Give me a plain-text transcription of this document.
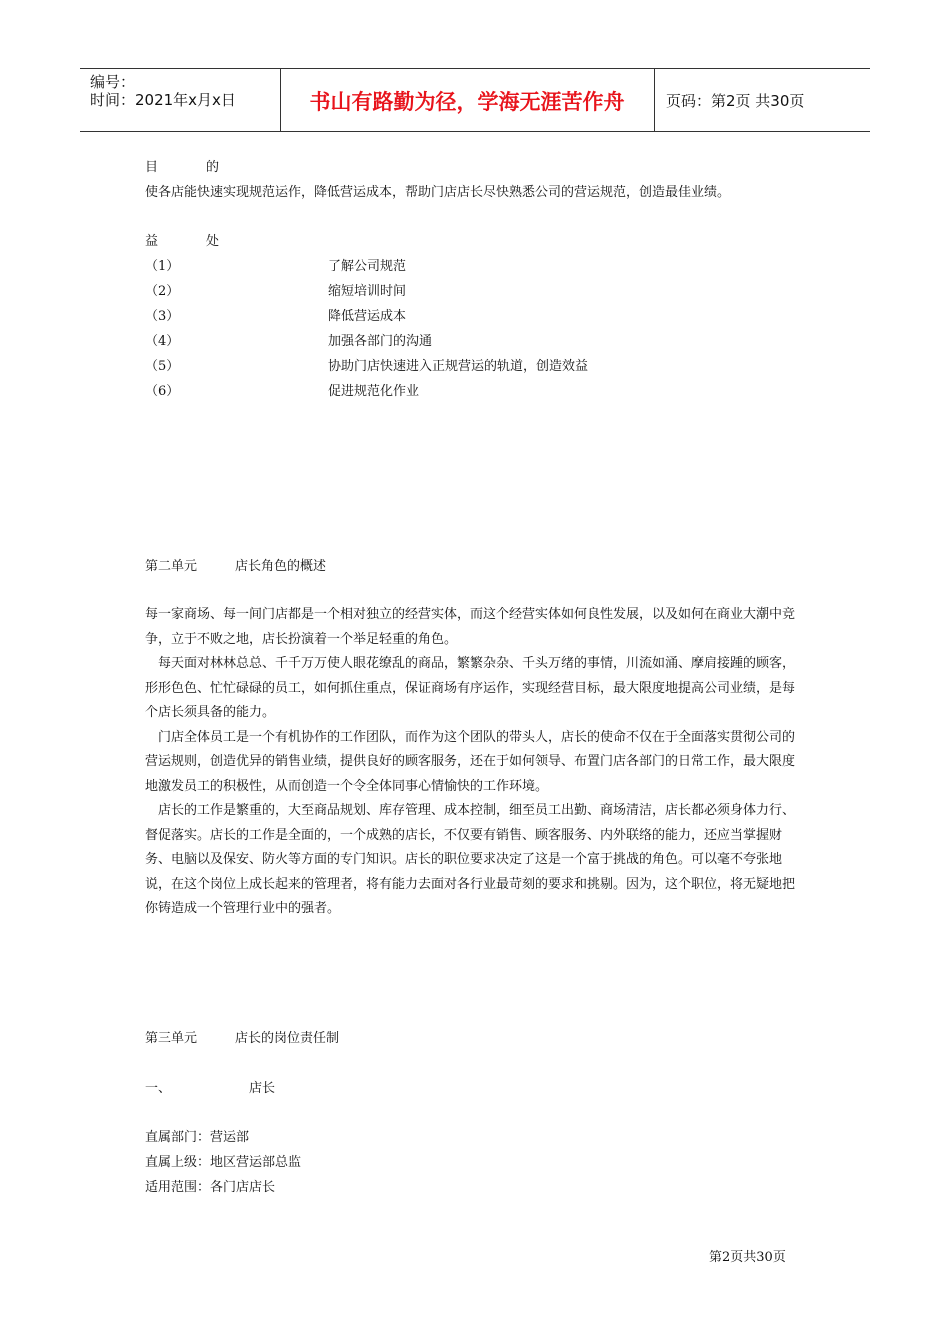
编号：
时间：2021年x月x日	书山有路勤为径，学海无涯苦作舟	页码：第2页 共30页
目	的
使各店能快速实现规范运作，降低营运成本，帮助门店店长尽快熟悉公司的营运规范，创造最佳业绩。
益	处
（1）	了解公司规范
（2）	缩短培训时间
（3）	降低营运成本
（4）	加强各部门的沟通
（5）	协助门店快速进入正规营运的轨道，创造效益
（6）	促进规范化作业
第二单元	店长角色的概述

每一家商场、每一间门店都是一个相对独立的经营实体，而这个经营实体如何良性发展，以及如何在商业大潮中竞争，立于不败之地，店长扮演着一个举足轻重的角色。

每天面对林林总总、千千万万使人眼花缭乱的商品，繁繁杂杂、千头万绪的事情，川流如涌、摩肩接踵的顾客，形形色色、忙忙碌碌的员工，如何抓住重点，保证商场有序运作，实现经营目标，最大限度地提高公司业绩，是每个店长须具备的能力。

门店全体员工是一个有机协作的工作团队，而作为这个团队的带头人，店长的使命不仅在于全面落实贯彻公司的营运规则，创造优异的销售业绩，提供良好的顾客服务，还在于如何领导、布置门店各部门的日常工作，最大限度地激发员工的积极性，从而创造一个令全体同事心情愉快的工作环境。

店长的工作是繁重的，大至商品规划、库存管理、成本控制，细至员工出勤、商场清洁，店长都必须身体力行、督促落实。店长的工作是全面的，一个成熟的店长，不仅要有销售、顾客服务、内外联络的能力，还应当掌握财务、电脑以及保安、防火等方面的专门知识。店长的职位要求决定了这是一个富于挑战的角色。可以毫不夸张地说，在这个岗位上成长起来的管理者，将有能力去面对各行业最苛刻的要求和挑剔。因为，这个职位，将无疑地把你铸造成一个管理行业中的强者。

第三单元	店长的岗位责任制
一、	店长
直属部门：营运部
直属上级：地区营运部总监
适用范围：各门店店长
第2页共30页
